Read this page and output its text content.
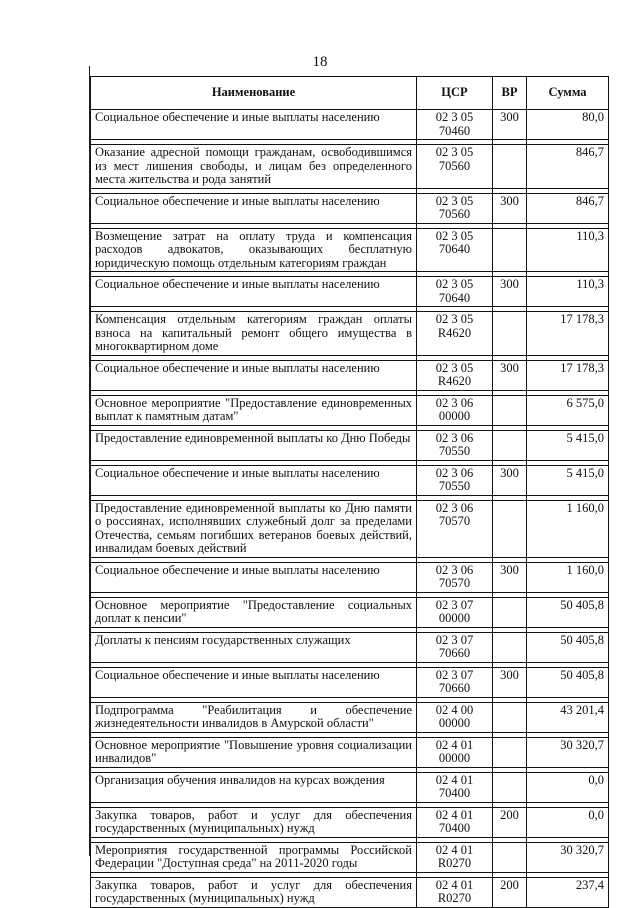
18
Наименование	ЦСР	ВР	Сумма
Социальное обеспечение и иные выплаты населению	02 3 05 70460	300	80,0

Оказание адресной помощи гражданам, освободившимся из мест лишения свободы, и лицам без определенного места жительства и рода занятий	02 3 05 70560		846,7

Социальное обеспечение и иные выплаты населению	02 3 05 70560	300	846,7

Возмещение затрат на оплату труда и компенсация расходов адвокатов, оказывающих бесплатную юридическую помощь отдельным категориям граждан	02 3 05 70640		110,3

Социальное обеспечение и иные выплаты населению	02 3 05 70640	300	110,3

Компенсация отдельным категориям граждан оплаты взноса на капитальный ремонт общего имущества в многоквартирном доме	02 3 05 R4620		17 178,3

Социальное обеспечение и иные выплаты населению	02 3 05 R4620	300	17 178,3

Основное мероприятие "Предоставление единовременных выплат к памятным датам"	02 3 06 00000		6 575,0

Предоставление единовременной выплаты ко Дню Победы	02 3 06 70550		5 415,0

Социальное обеспечение и иные выплаты населению	02 3 06 70550	300	5 415,0

Предоставление единовременной выплаты ко Дню памяти о россиянах, исполнявших служебный долг за пределами Отечества, семьям погибших ветеранов боевых действий, инвалидам боевых действий	02 3 06 70570		1 160,0

Социальное обеспечение и иные выплаты населению	02 3 06 70570	300	1 160,0

Основное мероприятие "Предоставление социальных доплат к пенсии"	02 3 07 00000		50 405,8

Доплаты к пенсиям государственных служащих	02 3 07 70660		50 405,8

Социальное обеспечение и иные выплаты населению	02 3 07 70660	300	50 405,8

Подпрограмма "Реабилитация и обеспечение жизнедеятельности инвалидов в Амурской области"	02 4 00 00000		43 201,4

Основное мероприятие "Повышение уровня социализации инвалидов"	02 4 01 00000		30 320,7

Организация обучения инвалидов на курсах вождения	02 4 01 70400		0,0

Закупка товаров, работ и услуг для обеспечения государственных (муниципальных) нужд	02 4 01 70400	200	0,0

Мероприятия государственной программы Российской Федерации "Доступная среда" на 2011-2020 годы	02 4 01 R0270		30 320,7

Закупка товаров, работ и услуг для обеспечения государственных (муниципальных) нужд	02 4 01 R0270	200	237,4
